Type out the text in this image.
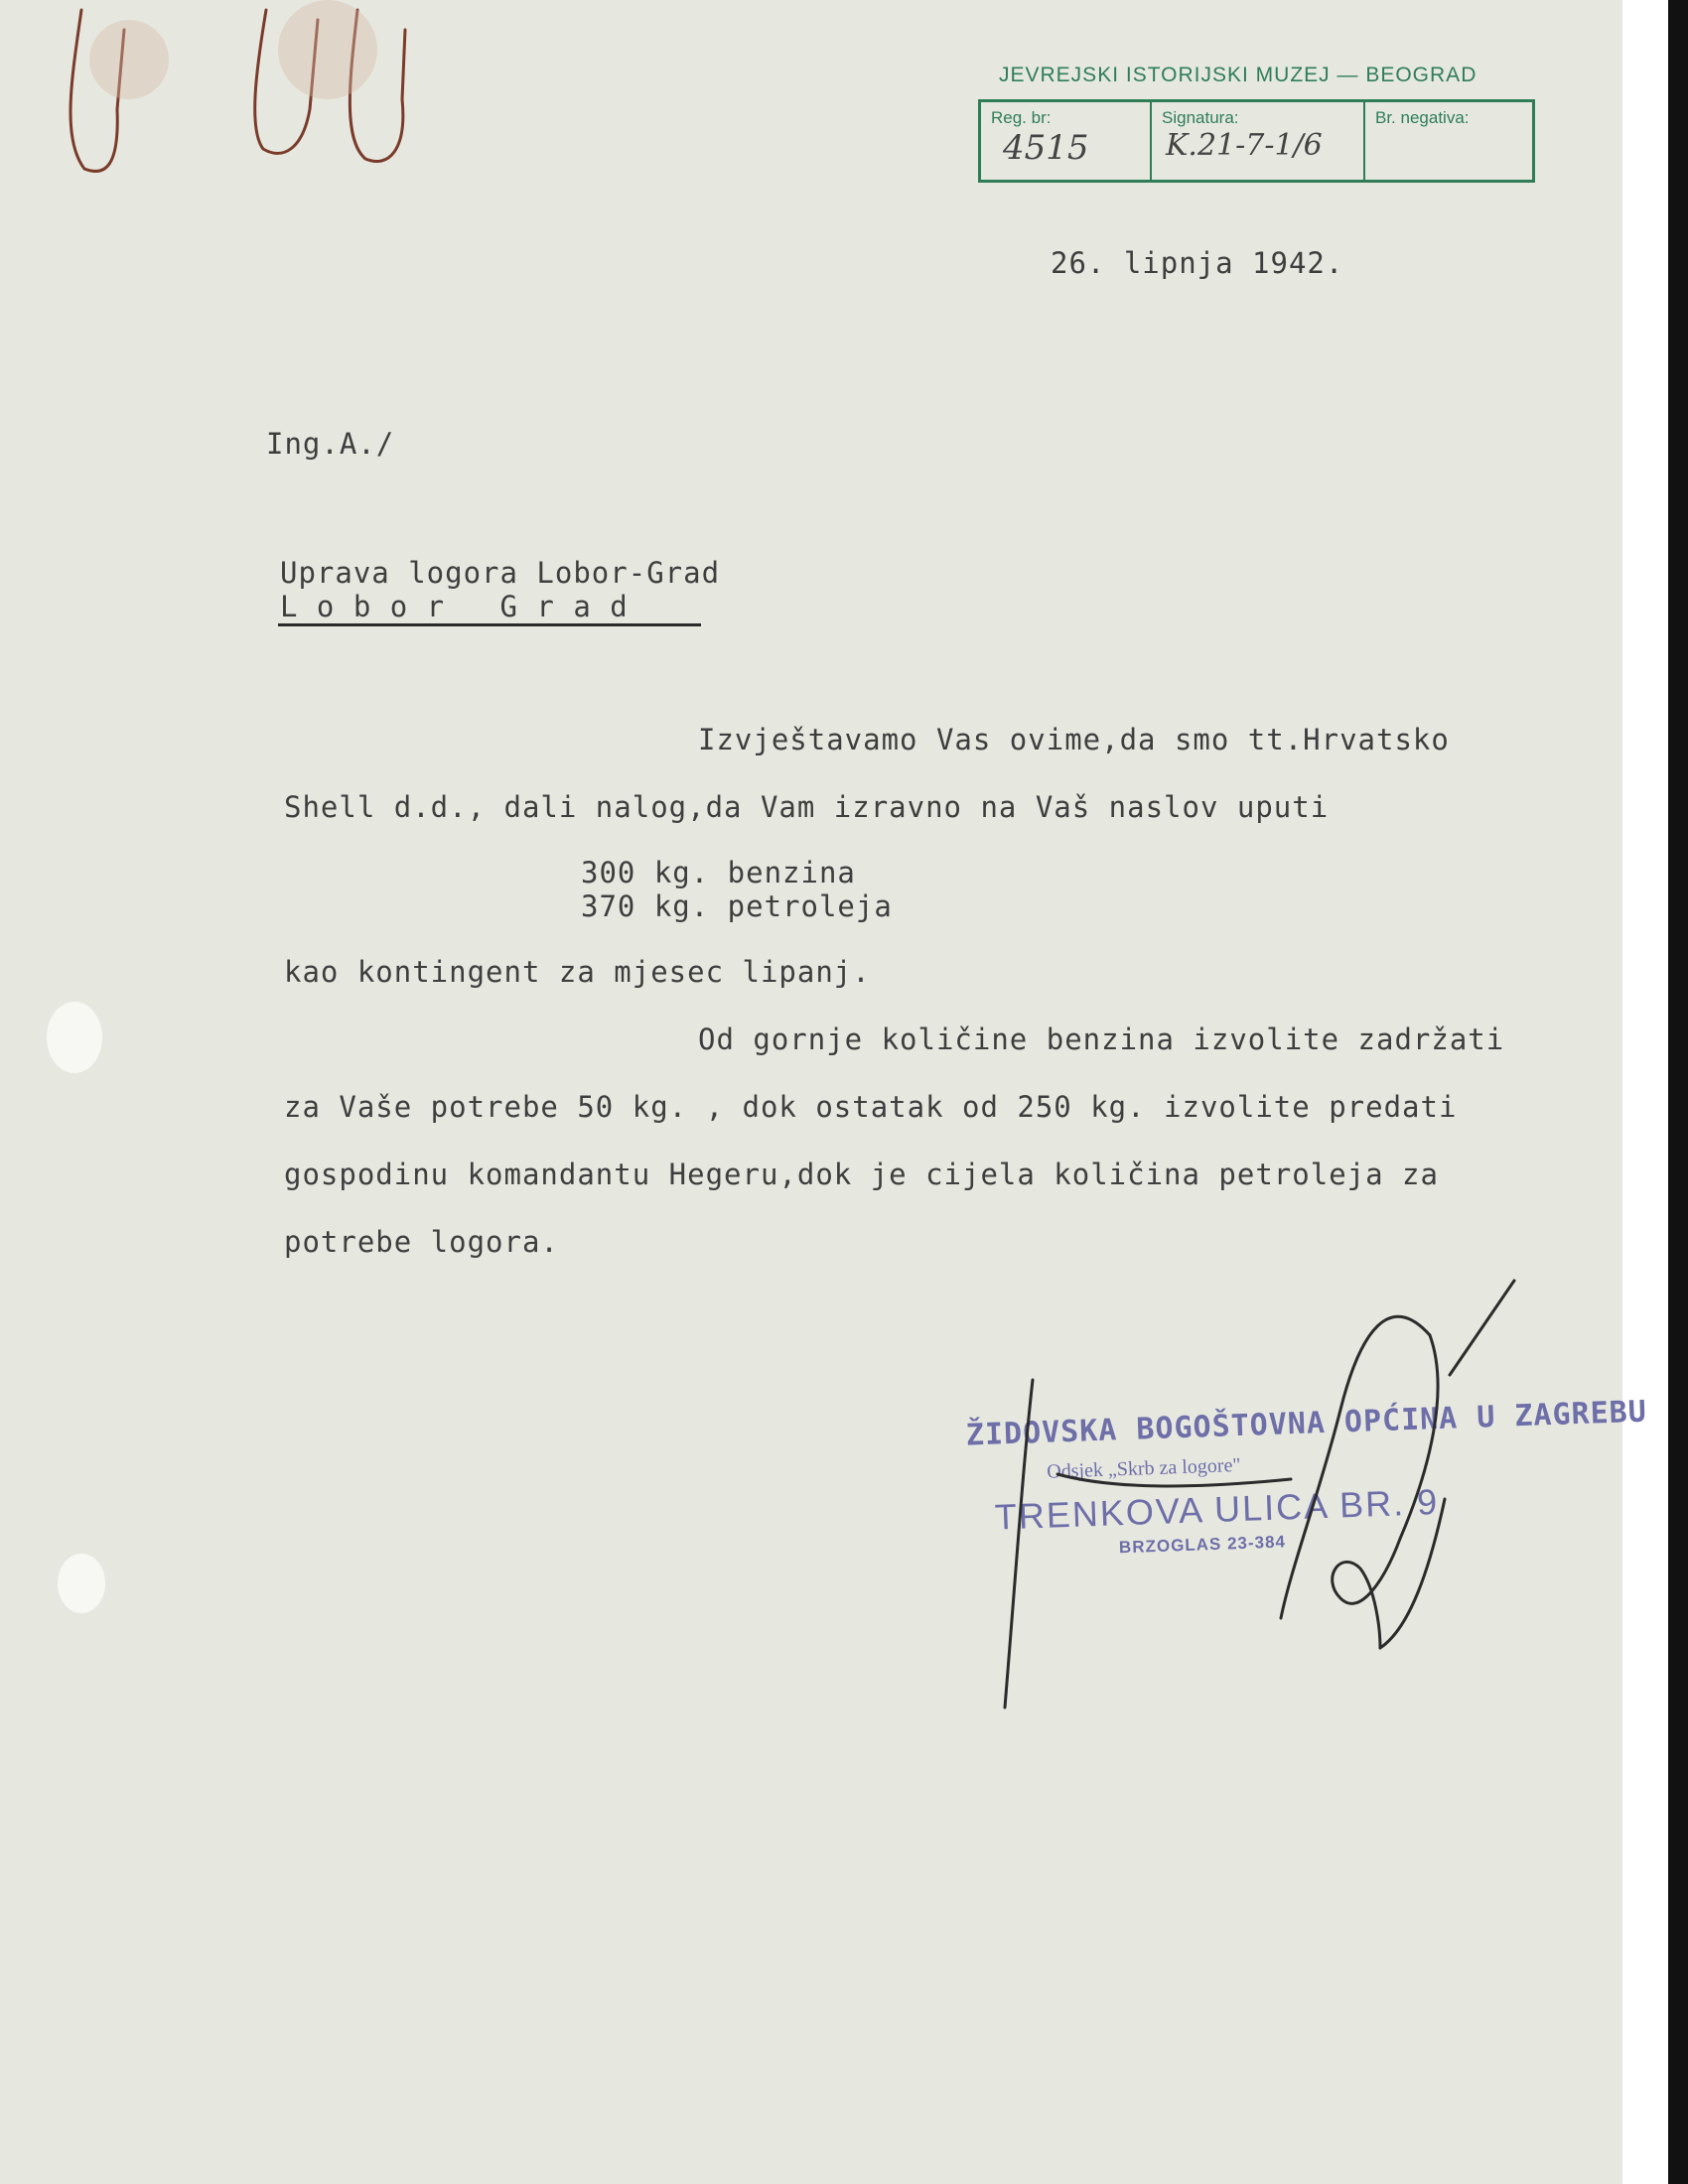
JEVREJSKI ISTORIJSKI MUZEJ — BEOGRAD
Reg. br:
4515
Signatura:
K.21-7-1/6
Br. negativa:
26. lipnja 1942.
Ing.A./
Uprava logora Lobor-Grad
L o b o r   G r a d
Izvještavamo Vas ovime,da smo tt.Hrvatsko
Shell d.d., dali nalog,da Vam izravno na Vaš naslov uputi
300 kg. benzina
370 kg. petroleja
kao kontingent za mjesec lipanj.
Od gornje količine benzina izvolite zadržati
za Vaše potrebe 50 kg. , dok ostatak od 250 kg. izvolite predati
gospodinu komandantu Hegeru,dok je cijela količina petroleja za
potrebe logora.
ŽIDOVSKA BOGOŠTOVNA OPĆINA U ZAGREBU
Odsjek „Skrb za logore"
TRENKOVA ULICA BR. 9
BRZOGLAS 23-384
